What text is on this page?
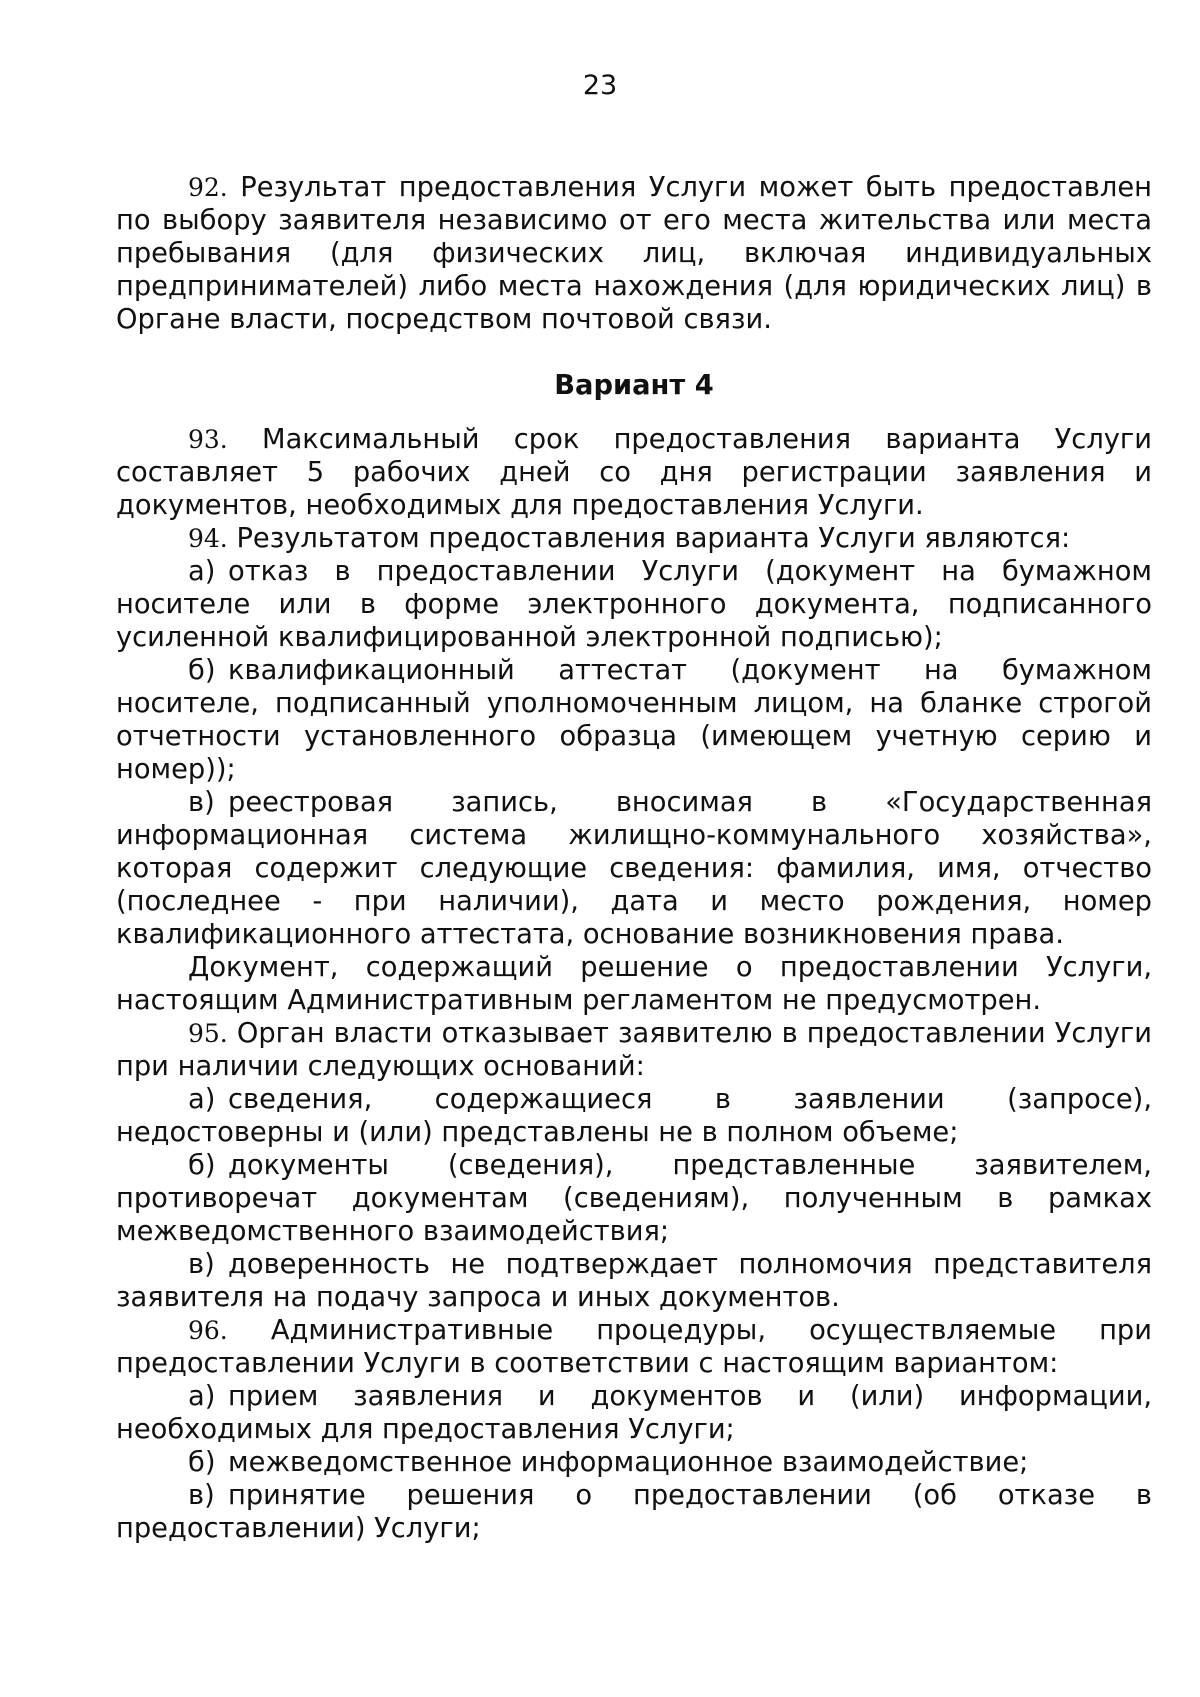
23

92. Результат предоставления Услуги может быть предоставлен по выбору заявителя независимо от его места жительства или места пребывания (для физических лиц, включая индивидуальных предпринимателей) либо места нахождения (для юридических лиц) в Органе власти, посредством почтовой связи.

Вариант 4

93. Максимальный срок предоставления варианта Услуги составляет 5 рабочих дней со дня регистрации заявления и документов, необходимых для предоставления Услуги.

94. Результатом предоставления варианта Услуги являются:

а) отказ в предоставлении Услуги (документ на бумажном носителе или в форме электронного документа, подписанного усиленной квалифицированной электронной подписью);

б) квалификационный аттестат (документ на бумажном носителе, подписанный уполномоченным лицом, на бланке строгой отчетности установленного образца (имеющем учетную серию и номер));

в) реестровая запись, вносимая в «Государственная информационная система жилищно-коммунального хозяйства», которая содержит следующие сведения: фамилия, имя, отчество (последнее - при наличии), дата и место рождения, номер квалификационного аттестата, основание возникновения права.

Документ, содержащий решение о предоставлении Услуги, настоящим Административным регламентом не предусмотрен.

95. Орган власти отказывает заявителю в предоставлении Услуги при наличии следующих оснований:

а) сведения, содержащиеся в заявлении (запросе), недостоверны и (или) представлены не в полном объеме;

б) документы (сведения), представленные заявителем, противоречат документам (сведениям), полученным в рамках межведомственного взаимодействия;

в) доверенность не подтверждает полномочия представителя заявителя на подачу запроса и иных документов.

96. Административные процедуры, осуществляемые при предоставлении Услуги в соответствии с настоящим вариантом:

а) прием заявления и документов и (или) информации, необходимых для предоставления Услуги;

б) межведомственное информационное взаимодействие;

в) принятие решения о предоставлении (об отказе в предоставлении) Услуги;
